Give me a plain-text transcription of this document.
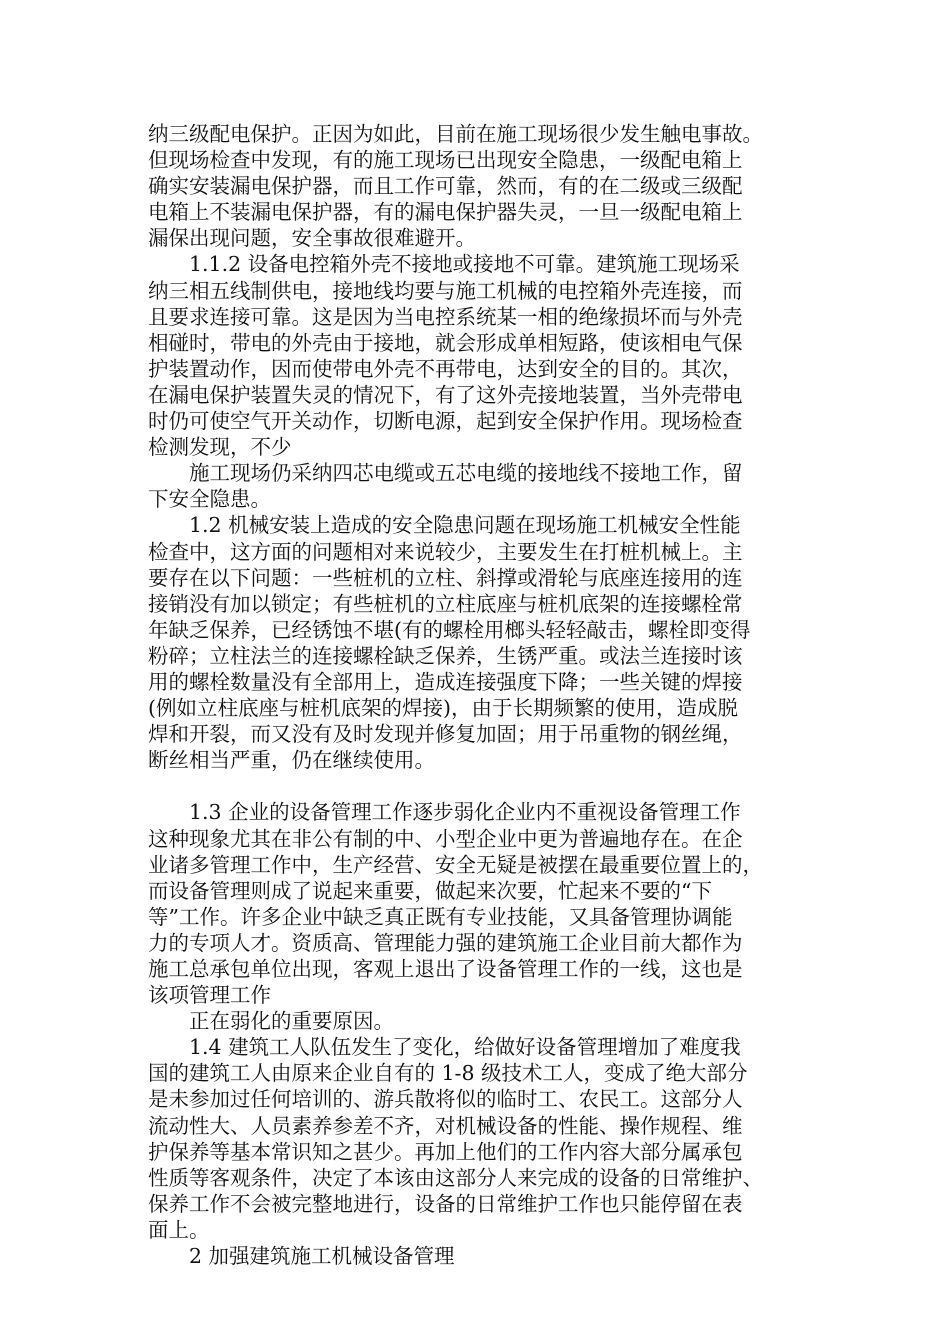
纳三级配电保护。正因为如此，目前在施工现场很少发生触电事故。
但现场检查中发现，有的施工现场已出现安全隐患，一级配电箱上
确实安装漏电保护器，而且工作可靠，然而，有的在二级或三级配
电箱上不装漏电保护器，有的漏电保护器失灵，一旦一级配电箱上
漏保出现问题，安全事故很难避开。
1.1.2 设备电控箱外壳不接地或接地不可靠。建筑施工现场采
纳三相五线制供电，接地线均要与施工机械的电控箱外壳连接，而
且要求连接可靠。这是因为当电控系统某一相的绝缘损坏而与外壳
相碰时，带电的外壳由于接地，就会形成单相短路，使该相电气保
护装置动作，因而使带电外壳不再带电，达到安全的目的。其次，
在漏电保护装置失灵的情况下，有了这外壳接地装置，当外壳带电
时仍可使空气开关动作，切断电源，起到安全保护作用。现场检查
检测发现，不少
施工现场仍采纳四芯电缆或五芯电缆的接地线不接地工作，留
下安全隐患。
1.2 机械安装上造成的安全隐患问题在现场施工机械安全性能
检查中，这方面的问题相对来说较少，主要发生在打桩机械上。主
要存在以下问题：一些桩机的立柱、斜撑或滑轮与底座连接用的连
接销没有加以锁定；有些桩机的立柱底座与桩机底架的连接螺栓常
年缺乏保养，已经锈蚀不堪(有的螺栓用榔头轻轻敲击，螺栓即变得
粉碎；立柱法兰的连接螺栓缺乏保养，生锈严重。或法兰连接时该
用的螺栓数量没有全部用上，造成连接强度下降；一些关键的焊接
(例如立柱底座与桩机底架的焊接)，由于长期频繁的使用，造成脱
焊和开裂，而又没有及时发现并修复加固；用于吊重物的钢丝绳，
断丝相当严重，仍在继续使用。
1.3 企业的设备管理工作逐步弱化企业内不重视设备管理工作
这种现象尤其在非公有制的中、小型企业中更为普遍地存在。在企
业诸多管理工作中，生产经营、安全无疑是被摆在最重要位置上的，
而设备管理则成了说起来重要，做起来次要，忙起来不要的“下
等”工作。许多企业中缺乏真正既有专业技能，又具备管理协调能
力的专项人才。资质高、管理能力强的建筑施工企业目前大都作为
施工总承包单位出现，客观上退出了设备管理工作的一线，这也是
该项管理工作
正在弱化的重要原因。
1.4 建筑工人队伍发生了变化，给做好设备管理增加了难度我
国的建筑工人由原来企业自有的 1-8 级技术工人，变成了绝大部分
是未参加过任何培训的、游兵散将似的临时工、农民工。这部分人
流动性大、人员素养参差不齐，对机械设备的性能、操作规程、维
护保养等基本常识知之甚少。再加上他们的工作内容大部分属承包
性质等客观条件，决定了本该由这部分人来完成的设备的日常维护、
保养工作不会被完整地进行，设备的日常维护工作也只能停留在表
面上。
2 加强建筑施工机械设备管理
